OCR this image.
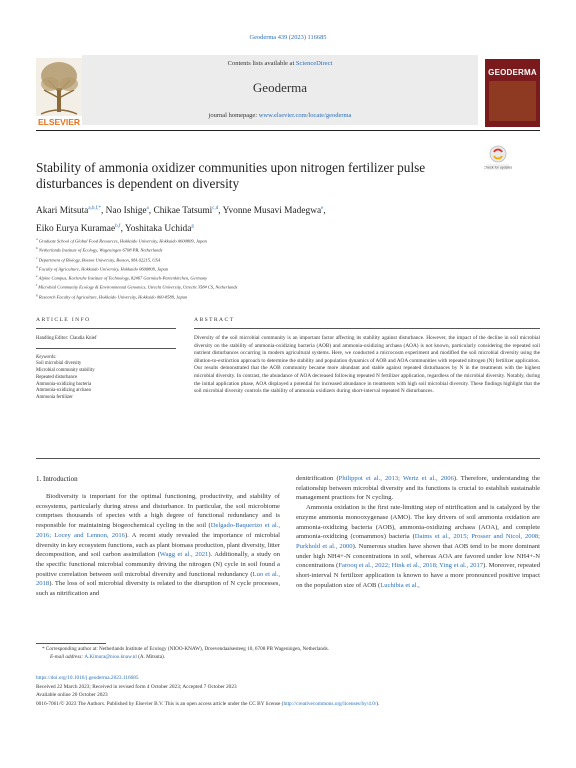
Geoderma 439 (2023) 116685
ELSEVIER
Contents lists available at ScienceDirect
Geoderma
journal homepage: www.elsevier.com/locate/geoderma
GEODERMA
Stability of ammonia oxidizer communities upon nitrogen fertilizer pulse disturbances is dependent on diversity
Check for updates
Akari Mitsuta$^{a,b,f,*}$, Nao Ishige$^a$, Chikae Tatsumi$^{c,d}$, Yvonne Musavi Madegwa$^e$,
Eiko Eurya Kuramae$^{b,f}$, Yoshitaka Uchida$^g$
$^a$ Graduate School of Global Food Resources, Hokkaido University, Hokkaido 0600809, Japan
$^b$ Netherlands Institute of Ecology, Wageningen 6708 PB, Netherlands
$^c$ Department of Biology, Boston University, Boston, MA 02215, USA
$^d$ Faculty of Agriculture, Hokkaido University, Hokkaido 0600809, Japan
$^e$ Alpine Campus, Karlsruhe Institute of Technology, 82467 Garmisch-Partenkirchen, Germany
$^f$ Microbial Community Ecology & Environmental Genomics, Utrecht University, Utrecht 3584 CS, Netherlands
$^g$ Research Faculty of Agriculture, Hokkaido University, Hokkaido 060-8589, Japan
ARTICLE INFO	ABSTRACT
Handling Editor: Claudia Knief
Keywords:
Soil microbial diversity
Microbial community stability
Repeated disturbance
Ammonia-oxidizing bacteria
Ammonia-oxidizing archaea
Ammonia fertilizer
Diversity of the soil microbial community is an important factor affecting its stability against disturbance. However, the impact of the decline in soil microbial diversity on the stability of ammonia-oxidizing bacteria (AOB) and ammonia-oxidizing archaea (AOA) is not known, particularly considering the repeated soil nutrient disturbances occurring in modern agricultural systems. Here, we conducted a microcosm experiment and modified the soil microbial diversity using the dilution-to-extinction approach to determine the stability and population dynamics of AOB and AOA communities with repeated nitrogen (N) fertilizer application. Our results demonstrated that the AOB community became more abundant and stable against repeated disturbances by N in the treatments with the highest microbial diversity. In contrast, the abundance of AOA decreased following repeated N fertilizer application, regardless of the microbial diversity. Notably, during the initial application phase, AOA displayed a potential for increased abundance in treatments with high soil microbial diversity. These findings highlight that the soil microbial diversity controls the stability of ammonia oxidizers during short-interval repeated N disturbances.
1. Introduction

Biodiversity is important for the optimal functioning, productivity, and stability of ecosystems, particularly during stress and disturbance. In particular, the soil microbiome comprises thousands of species with a high degree of functional redundancy and is responsible for maintaining biogeochemical cycling in the soil (Delgado-Baquerizo et al., 2016; Locey and Lennon, 2016). A recent study revealed the importance of microbial diversity in key ecosystem functions, such as plant biomass production, plant diversity, litter decomposition, and soil carbon assimilation (Wagg et al., 2021). Additionally, a study on the specific functional microbial community driving the nitrogen (N) cycle in soil found a positive correlation between soil microbial diversity and functional redundancy (Luo et al., 2018). The loss of soil microbial diversity is related to the disruption of N cycle processes, such as nitrification and

denitrification (Philippot et al., 2013; Wertz et al., 2006). Therefore, understanding the relationship between microbial diversity and its functions is crucial to establish sustainable management practices for N cycling.

Ammonia oxidation is the first rate-limiting step of nitrification and is catalyzed by the enzyme ammonia monooxygenase (AMO). The key drivers of soil ammonia oxidation are ammonia-oxidizing bacteria (AOB), ammonia-oxidizing archaea (AOA), and complete ammonia-oxidizing (comammox) bacteria (Daims et al., 2015; Prosser and Nicol, 2008; Purkhold et al., 2000). Numerous studies have shown that AOB tend to be more dominant under high NH4+-N concentrations in soil, whereas AOA are favored under low NH4+-N concentrations (Farooq et al., 2022; Hink et al., 2018; Ying et al., 2017). Moreover, repeated short-interval N fertilizer application is known to have a more pronounced positive impact on the population size of AOB (Luchibia et al.,

* Corresponding author at: Netherlands Institute of Ecology (NIOO-KNAW), Droevendaalsesteeg 10, 6708 PB Wageningen, Netherlands.
E-mail address: A.Kimura@nioo.knaw.nl (A. Mitsuta).
https://doi.org/10.1016/j.geoderma.2023.116685
Received 22 March 2023; Received in revised form 4 October 2023; Accepted 7 October 2023
Available online 20 October 2023
0016-7061/© 2023 The Authors. Published by Elsevier B.V. This is an open access article under the CC BY license (http://creativecommons.org/licenses/by/4.0/).
